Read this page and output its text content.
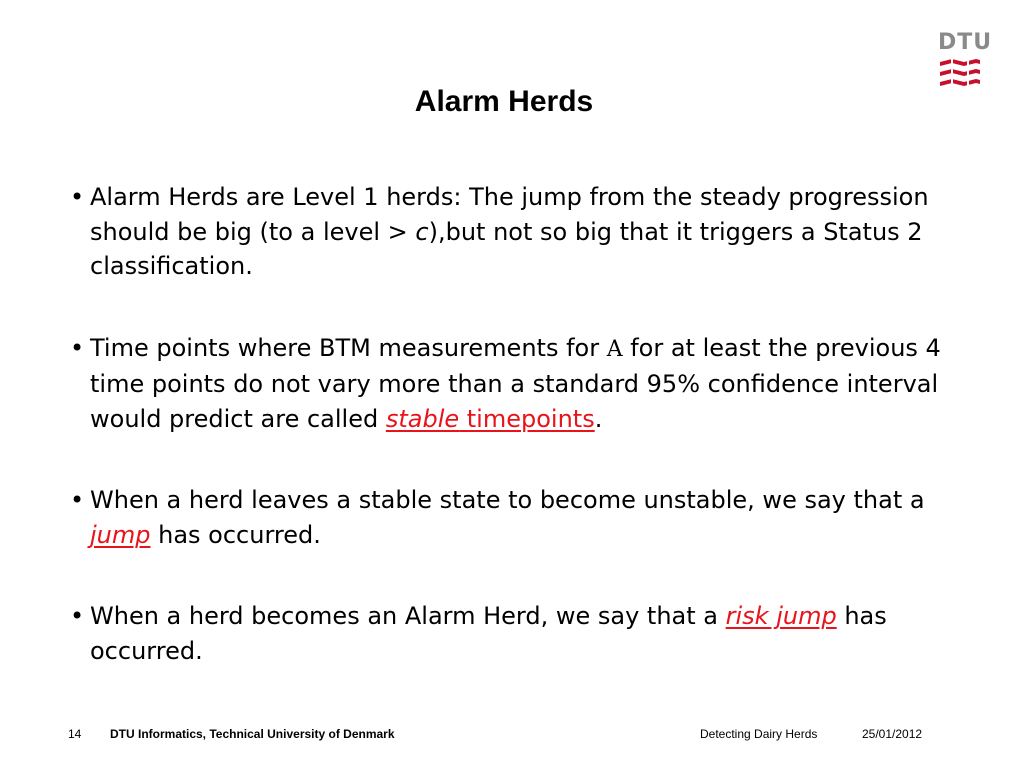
DTU
Alarm Herds
• Alarm Herds are Level 1 herds: The jump from the steady progression should be big (to a level > c),but not so big that it triggers a Status 2 classification.
• Time points where BTM measurements for A for at least the previous 4 time points do not vary more than a standard 95% confidence interval would predict are called stable timepoints.
• When a herd leaves a stable state to become unstable, we say that a jump has occurred.
• When a herd becomes an Alarm Herd, we say that a risk jump has occurred.
14 DTU Informatics, Technical University of Denmark	Detecting Dairy Herds	25/01/2012
